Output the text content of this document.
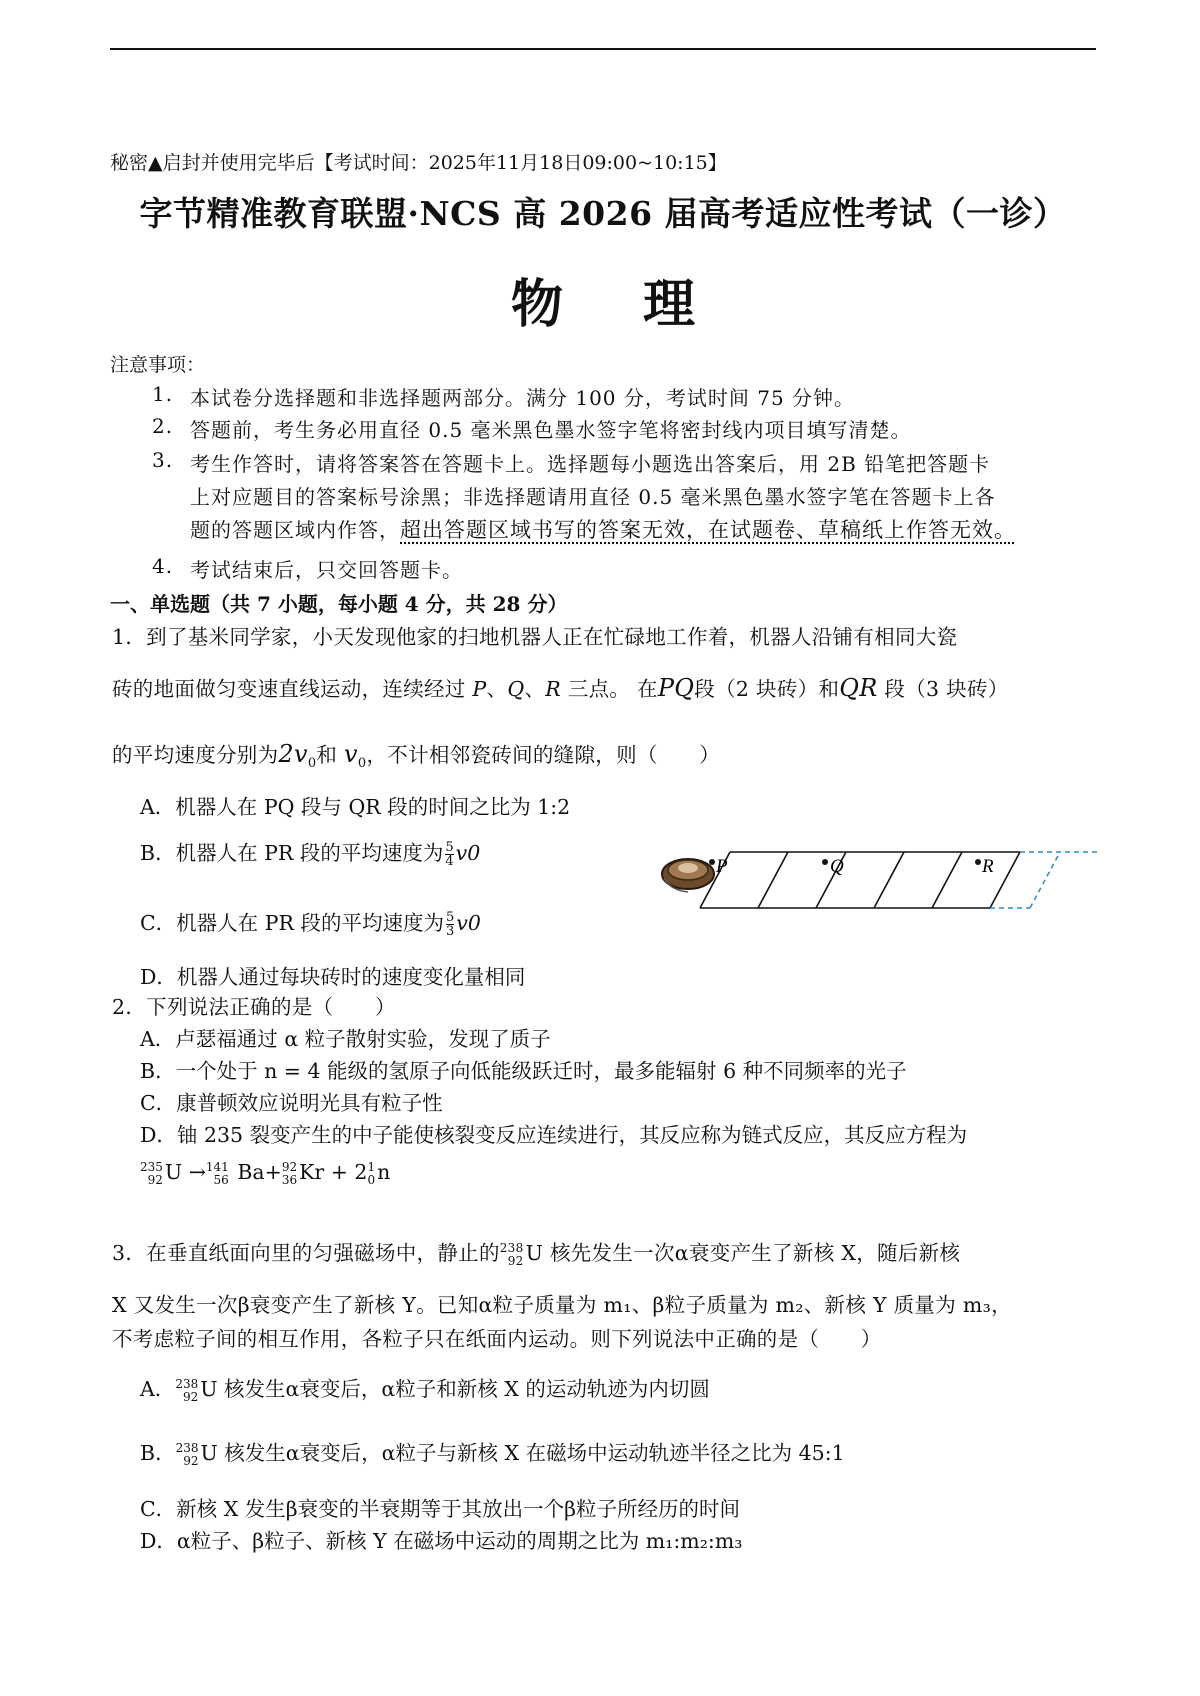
秘密▲启封并使用完毕后【考试时间：2025年11月18日09:00~10:15】
字节精准教育联盟·NCS 高 2026 届高考适应性考试（一诊）
物理
注意事项：
1. 本试卷分选择题和非选择题两部分。满分 100 分，考试时间 75 分钟。
2. 答题前，考生务必用直径 0.5 毫米黑色墨水签字笔将密封线内项目填写清楚。
3. 考生作答时，请将答案答在答题卡上。选择题每小题选出答案后，用 2B 铅笔把答题卡
上对应题目的答案标号涂黑；非选择题请用直径 0.5 毫米黑色墨水签字笔在答题卡上各
题的答题区域内作答，超出答题区域书写的答案无效，在试题卷、草稿纸上作答无效。
4. 考试结束后，只交回答题卡。
一、单选题（共 7 小题，每小题 4 分，共 28 分）
1．到了基米同学家，小天发现他家的扫地机器人正在忙碌地工作着，机器人沿铺有相同大瓷
砖的地面做匀变速直线运动，连续经过 P、Q、R 三点。 在PQ段（2 块砖）和QR 段（3 块砖）
的平均速度分别为$2v_0$和 $v_0$，不计相邻瓷砖间的缝隙，则（　　）
A．机器人在 PQ 段与 QR 段的时间之比为 1:2
B．机器人在 PR 段的平均速度为 $\frac{5}{4} v0$
C．机器人在 PR 段的平均速度为 $\frac{5}{3} v0$
D．机器人通过每块砖时的速度变化量相同
P	Q	R
2．下列说法正确的是（　　）
A．卢瑟福通过 α 粒子散射实验，发现了质子
B．一个处于 n = 4 能级的氢原子向低能级跃迁时，最多能辐射 6 种不同频率的光子
C．康普顿效应说明光具有粒子性
D．铀 235 裂变产生的中子能使核裂变反应连续进行，其反应称为链式反应，其反应方程为
235
92 U → 141
56 Ba+ 92
36 Kr + 2 1
0 n
3．在垂直纸面向里的匀强磁场中，静止的 238
92 U 核先发生一次α衰变产生了新核 X，随后新核
X 又发生一次β衰变产生了新核 Y。已知α粒子质量为 m₁、β粒子质量为 m₂、新核 Y 质量为 m₃，
不考虑粒子间的相互作用，各粒子只在纸面内运动。则下列说法中正确的是（　　）
A． 238
92 U 核发生α衰变后，α粒子和新核 X 的运动轨迹为内切圆
B． 238
92 U 核发生α衰变后，α粒子与新核 X 在磁场中运动轨迹半径之比为 45:1
C．新核 X 发生β衰变的半衰期等于其放出一个β粒子所经历的时间
D．α粒子、β粒子、新核 Y 在磁场中运动的周期之比为 m₁:m₂:m₃
